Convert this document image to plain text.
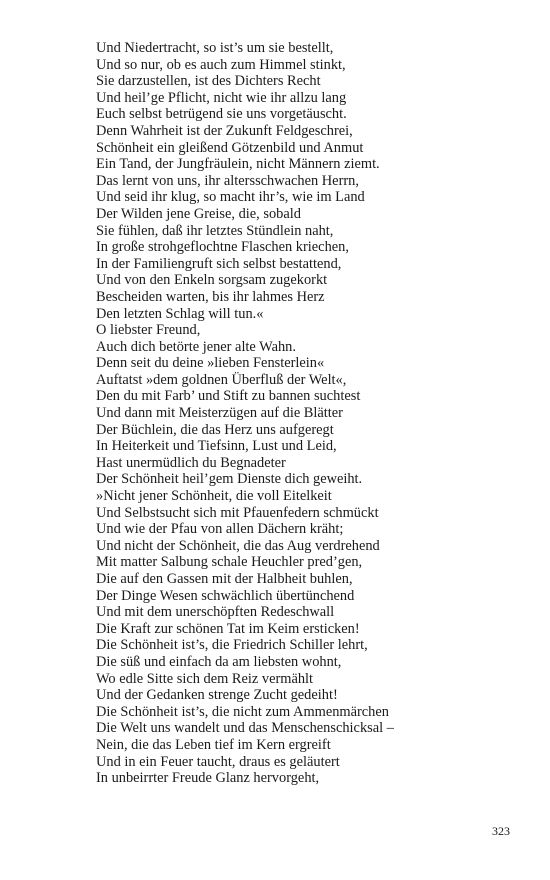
Und Niedertracht, so ist’s um sie bestellt,
Und so nur, ob es auch zum Himmel stinkt,
Sie darzustellen, ist des Dichters Recht
Und heil’ge Pflicht, nicht wie ihr allzu lang
Euch selbst betrügend sie uns vorgetäuscht.
Denn Wahrheit ist der Zukunft Feldgeschrei,
Schönheit ein gleißend Götzenbild und Anmut
Ein Tand, der Jungfräulein, nicht Männern ziemt.
Das lernt von uns, ihr altersschwachen Herrn,
Und seid ihr klug, so macht ihr’s, wie im Land
Der Wilden jene Greise, die, sobald
Sie fühlen, daß ihr letztes Stündlein naht,
In große strohgeflochtne Flaschen kriechen,
In der Familiengruft sich selbst bestattend,
Und von den Enkeln sorgsam zugekorkt
Bescheiden warten, bis ihr lahmes Herz
Den letzten Schlag will tun.«
O liebster Freund,
Auch dich betörte jener alte Wahn.
Denn seit du deine »lieben Fensterlein«
Auftatst »dem goldnen Überfluß der Welt«,
Den du mit Farb’ und Stift zu bannen suchtest
Und dann mit Meisterzügen auf die Blätter
Der Büchlein, die das Herz uns aufgeregt
In Heiterkeit und Tiefsinn, Lust und Leid,
Hast unermüdlich du Begnadeter
Der Schönheit heil’gem Dienste dich geweiht.
»Nicht jener Schönheit, die voll Eitelkeit
Und Selbstsucht sich mit Pfauenfedern schmückt
Und wie der Pfau von allen Dächern kräht;
Und nicht der Schönheit, die das Aug verdrehend
Mit matter Salbung schale Heuchler pred’gen,
Die auf den Gassen mit der Halbheit buhlen,
Der Dinge Wesen schwächlich übertünchend
Und mit dem unerschöpften Redeschwall
Die Kraft zur schönen Tat im Keim ersticken!
Die Schönheit ist’s, die Friedrich Schiller lehrt,
Die süß und einfach da am liebsten wohnt,
Wo edle Sitte sich dem Reiz vermählt
Und der Gedanken strenge Zucht gedeiht!
Die Schönheit ist’s, die nicht zum Ammenmärchen
Die Welt uns wandelt und das Menschenschicksal –
Nein, die das Leben tief im Kern ergreift
Und in ein Feuer taucht, draus es geläutert
In unbeirrter Freude Glanz hervorgeht,
323
